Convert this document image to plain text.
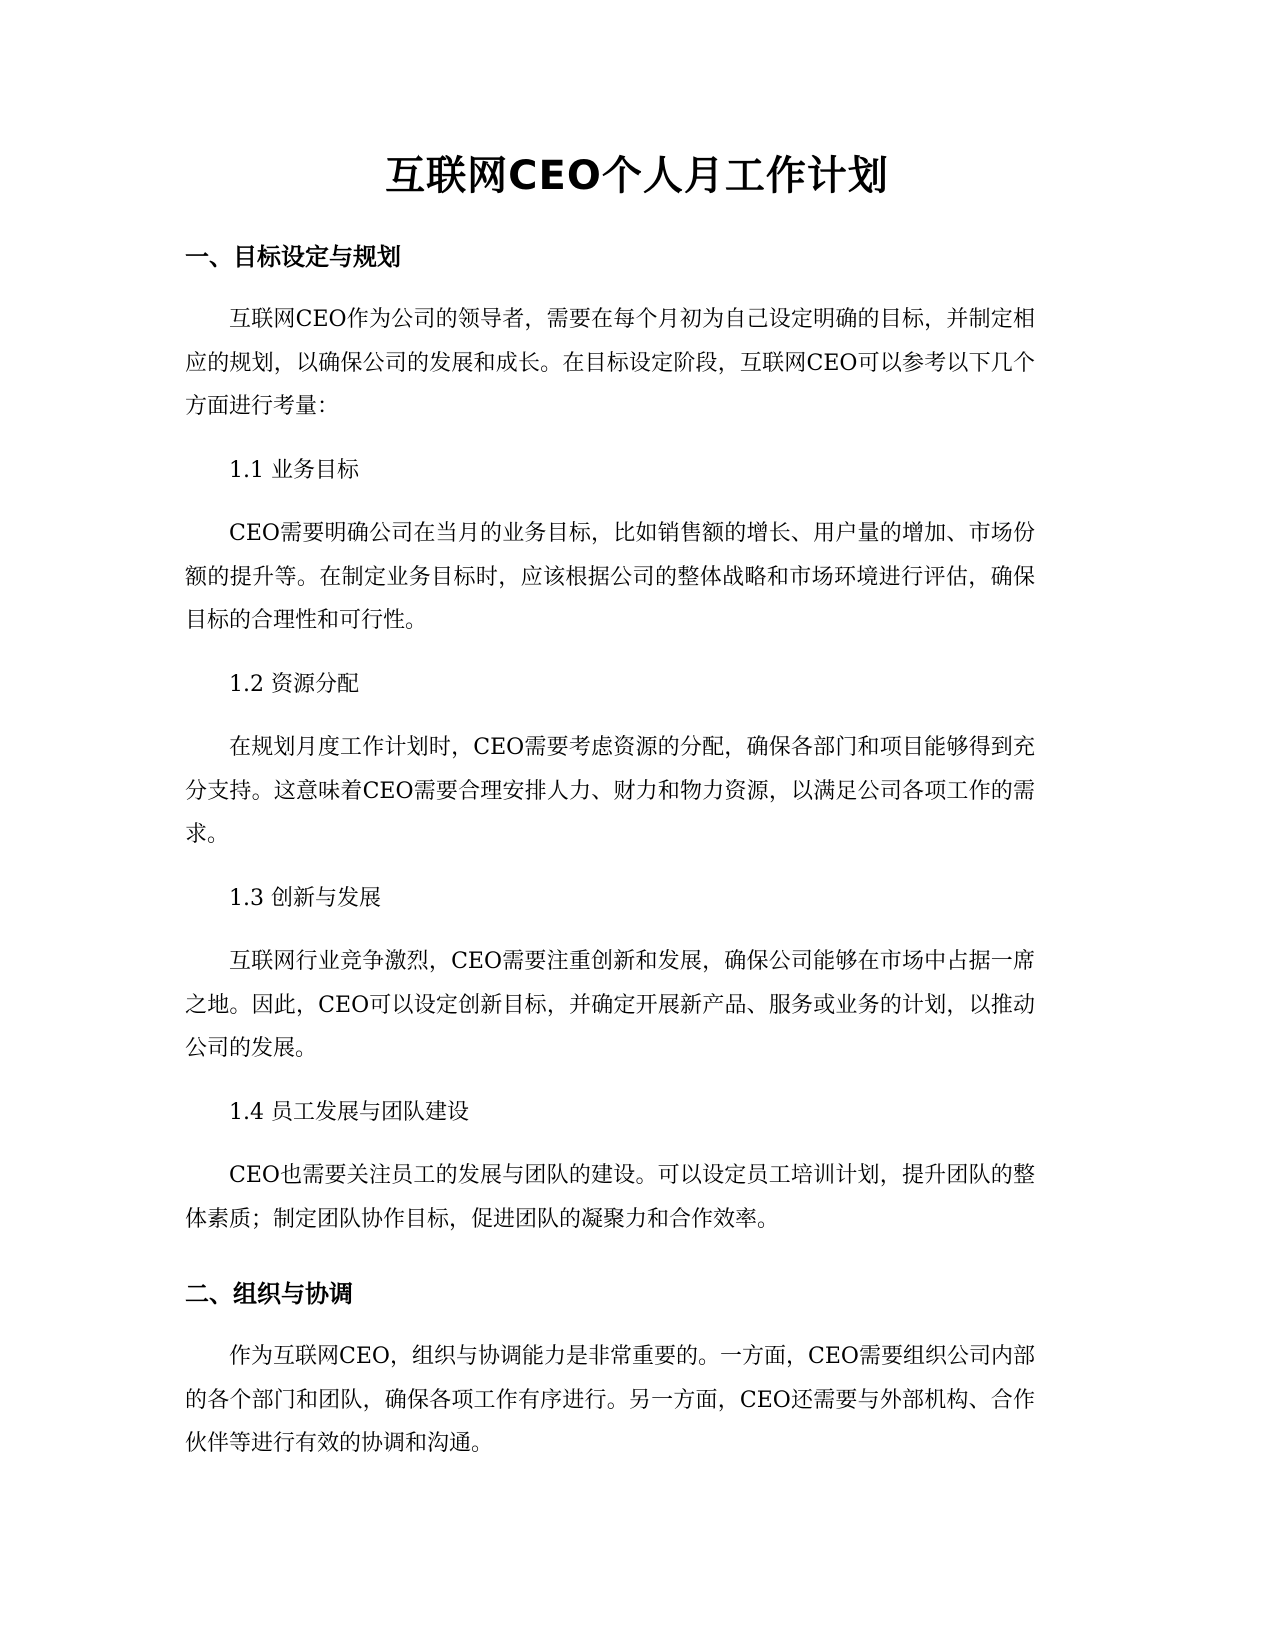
互联网CEO个人月工作计划
一、目标设定与规划

互联网CEO作为公司的领导者，需要在每个月初为自己设定明确的目标，并制定相应的规划，以确保公司的发展和成长。在目标设定阶段，互联网CEO可以参考以下几个方面进行考量：

1.1 业务目标

CEO需要明确公司在当月的业务目标，比如销售额的增长、用户量的增加、市场份额的提升等。在制定业务目标时，应该根据公司的整体战略和市场环境进行评估，确保目标的合理性和可行性。

1.2 资源分配

在规划月度工作计划时，CEO需要考虑资源的分配，确保各部门和项目能够得到充分支持。这意味着CEO需要合理安排人力、财力和物力资源，以满足公司各项工作的需求。

1.3 创新与发展

互联网行业竞争激烈，CEO需要注重创新和发展，确保公司能够在市场中占据一席之地。因此，CEO可以设定创新目标，并确定开展新产品、服务或业务的计划，以推动公司的发展。

1.4 员工发展与团队建设

CEO也需要关注员工的发展与团队的建设。可以设定员工培训计划，提升团队的整体素质；制定团队协作目标，促进团队的凝聚力和合作效率。

二、组织与协调

作为互联网CEO，组织与协调能力是非常重要的。一方面，CEO需要组织公司内部的各个部门和团队，确保各项工作有序进行。另一方面，CEO还需要与外部机构、合作伙伴等进行有效的协调和沟通。
